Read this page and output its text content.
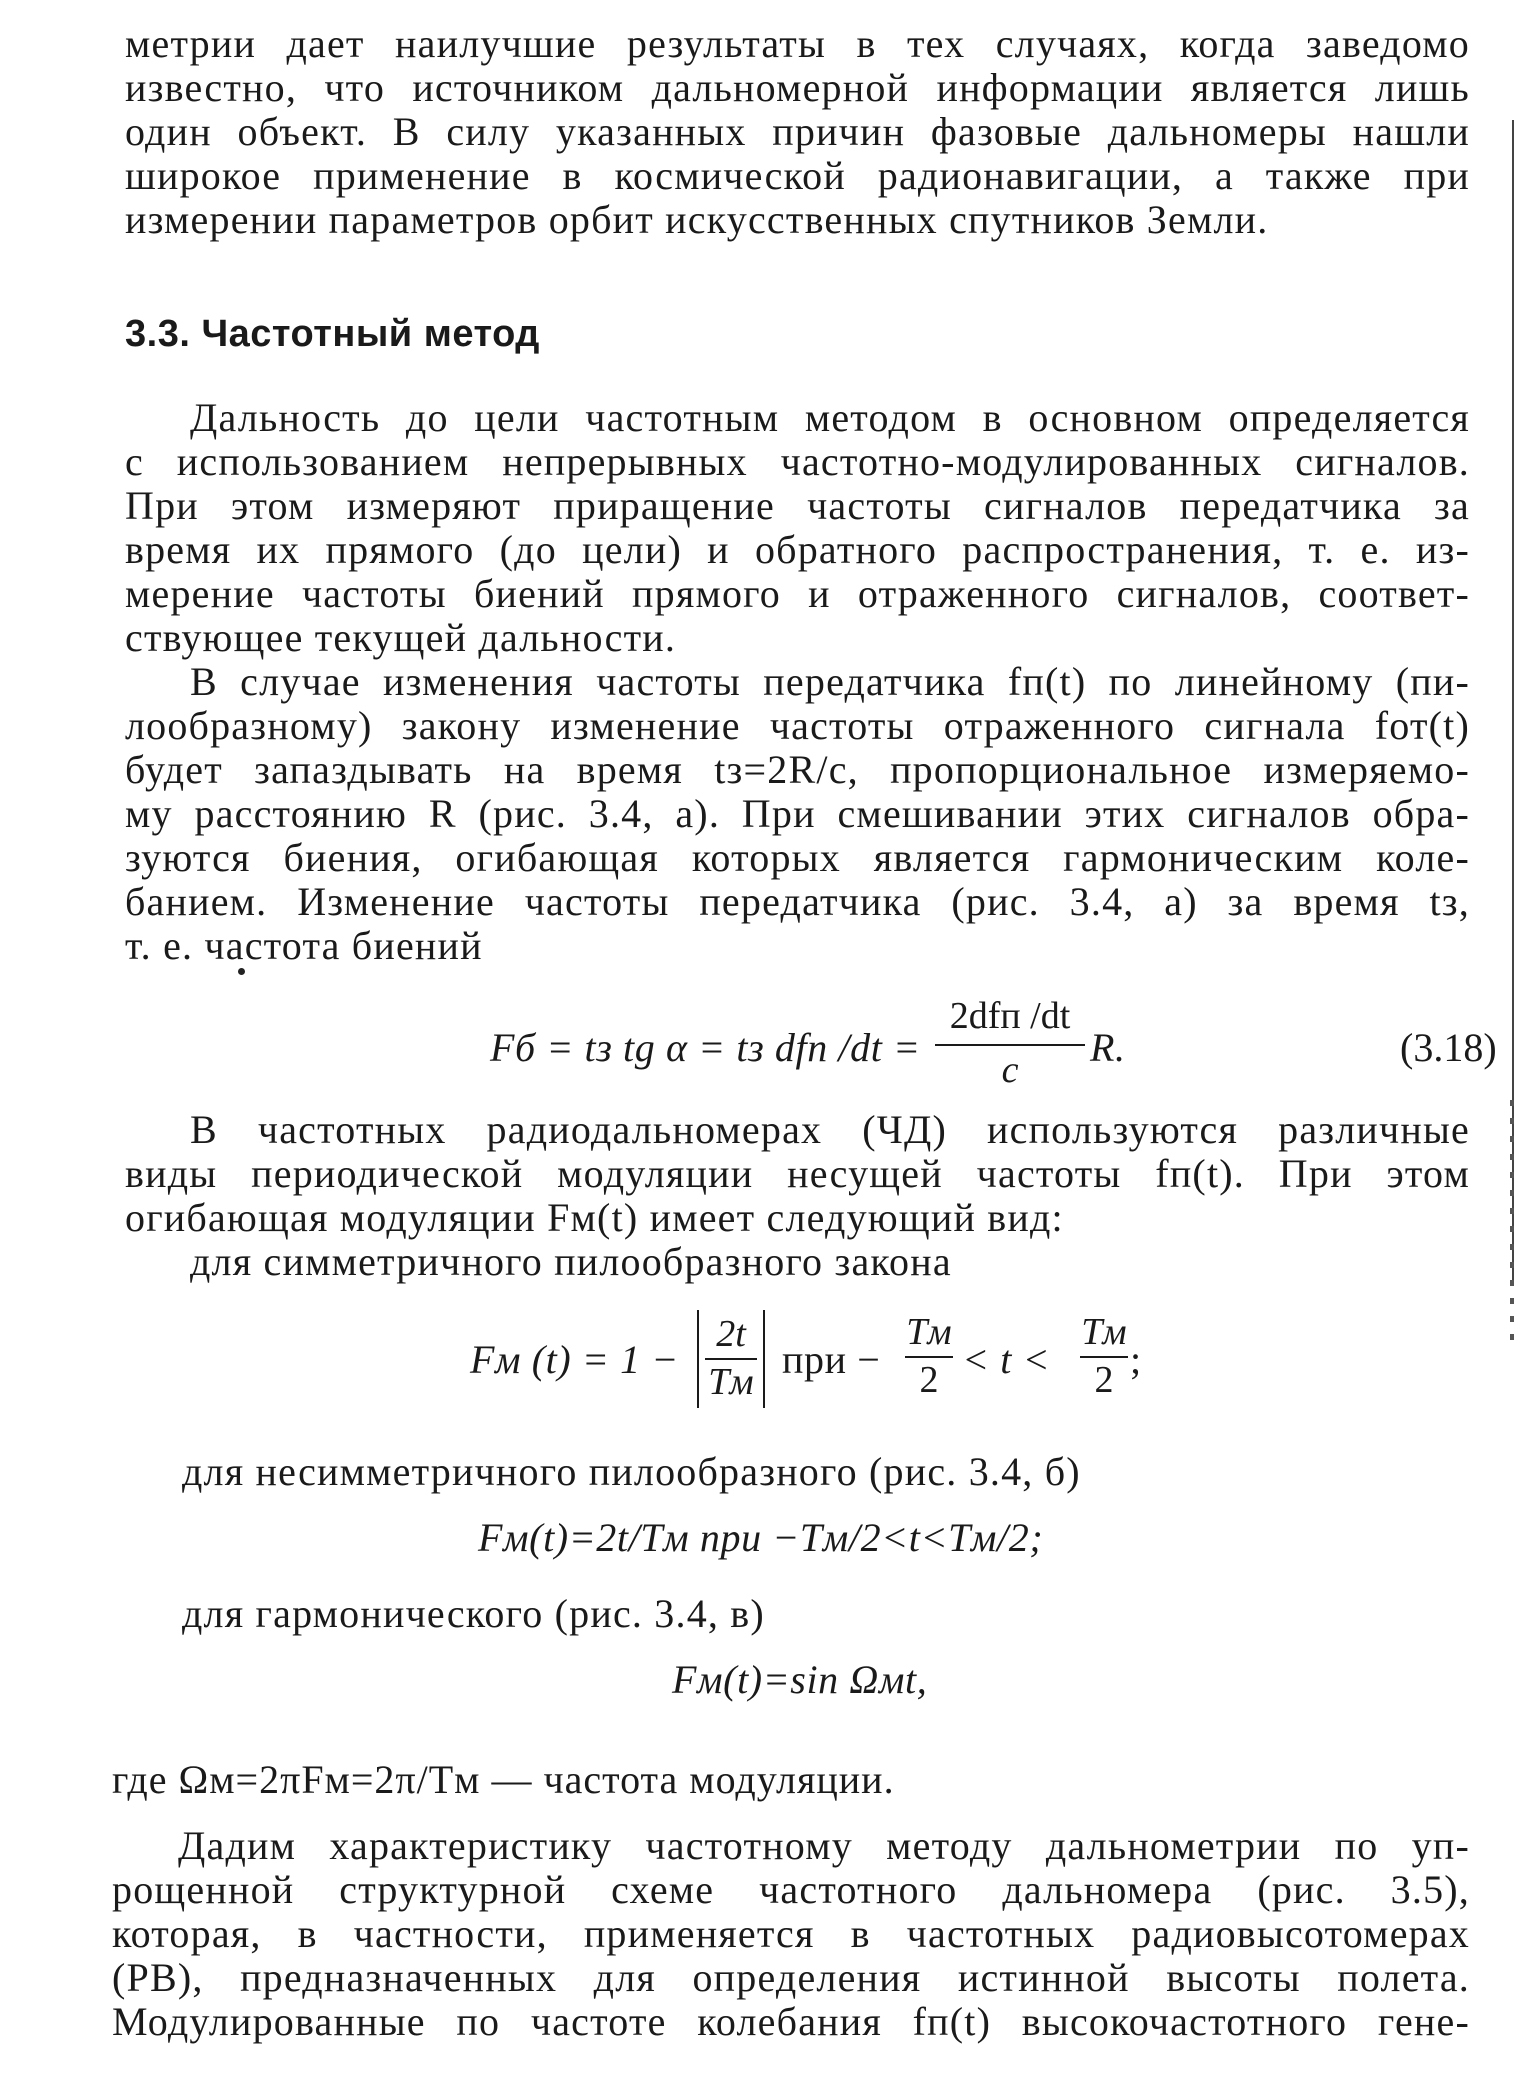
метрии дает наилучшие результаты в тех случаях, когда заведомо
известно, что источником дальномерной информации является лишь
один объект. В силу указанных причин фазовые дальномеры нашли
широкое применение в космической радионавигации, а также при
измерении параметров орбит искусственных спутников Земли.
3.3. Частотный метод
Дальность до цели частотным методом в основном определяется
с использованием непрерывных частотно-модулированных сигналов.
При этом измеряют приращение частоты сигналов передатчика за
время их прямого (до цели) и обратного распространения, т. е. из-
мерение частоты биений прямого и отраженного сигналов, соответ-
ствующее текущей дальности.
В случае изменения частоты передатчика fп(t) по линейному (пи-
лообразному) закону изменение частоты отраженного сигнала fот(t)
будет запаздывать на время tз=2R/c, пропорциональное измеряемо-
му расстоянию R (рис. 3.4, а). При смешивании этих сигналов обра-
зуются биения, огибающая которых является гармоническим коле-
банием. Изменение частоты передатчика (рис. 3.4, а) за время tз,
т. е. частота биений
Fб = tз tg α = tз dfп /dt =
2dfп /dt
c	R.	(3.18)
В частотных радиодальномерах (ЧД) используются различные
виды периодической модуляции несущей частоты fп(t). При этом
огибающая модуляции Fм(t) имеет следующий вид:
для симметричного пилообразного закона
Fм (t) = 1 −
2t
Tм при −
Tм
2 < t <
Tм
2 ;
для несимметричного пилообразного (рис. 3.4, б)
Fм(t)=2t/Tм при −Tм/2<t<Tм/2;
для гармонического (рис. 3.4, в)
Fм(t)=sin Ωмt,
где Ωм=2πFм=2π/Tм — частота модуляции.
Дадим характеристику частотному методу дальнометрии по уп-
рощенной структурной схеме частотного дальномера (рис. 3.5),
которая, в частности, применяется в частотных радиовысотомерах
(РВ), предназначенных для определения истинной высоты полета.
Модулированные по частоте колебания fп(t) высокочастотного гене-
